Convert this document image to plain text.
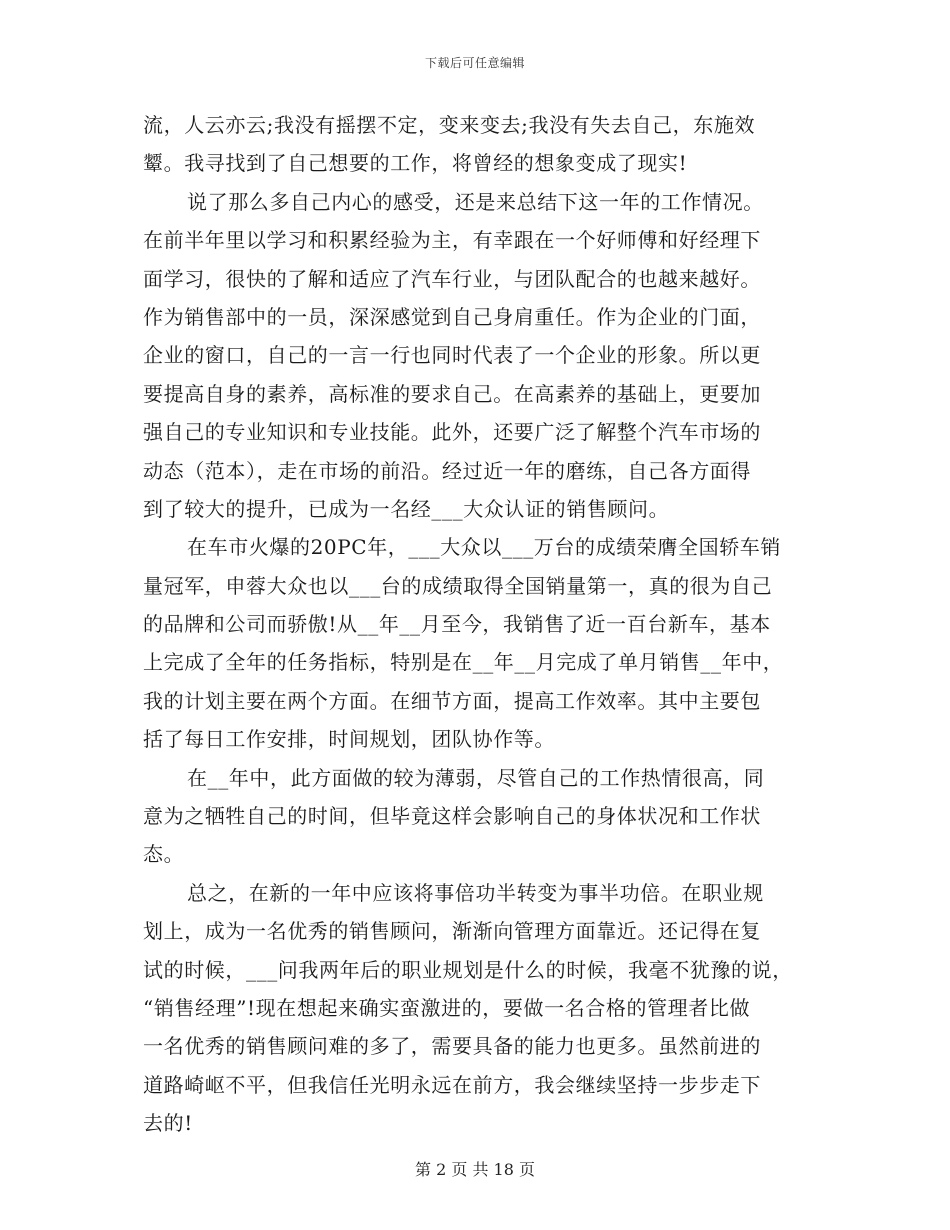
下载后可任意编辑
流，人云亦云;我没有摇摆不定，变来变去;我没有失去自己，东施效
颦。我寻找到了自己想要的工作，将曾经的想象变成了现实!
说了那么多自己内心的感受，还是来总结下这一年的工作情况。
在前半年里以学习和积累经验为主，有幸跟在一个好师傅和好经理下
面学习，很快的了解和适应了汽车行业，与团队配合的也越来越好。
作为销售部中的一员，深深感觉到自己身肩重任。作为企业的门面，
企业的窗口，自己的一言一行也同时代表了一个企业的形象。所以更
要提高自身的素养，高标准的要求自己。在高素养的基础上，更要加
强自己的专业知识和专业技能。此外，还要广泛了解整个汽车市场的
动态（范本），走在市场的前沿。经过近一年的磨练，自己各方面得
到了较大的提升，已成为一名经___大众认证的销售顾问。
在车市火爆的20PC年，___大众以___万台的成绩荣膺全国轿车销
量冠军，申蓉大众也以___台的成绩取得全国销量第一，真的很为自己
的品牌和公司而骄傲!从__年__月至今，我销售了近一百台新车，基本
上完成了全年的任务指标，特别是在__年__月完成了单月销售__年中，
我的计划主要在两个方面。在细节方面，提高工作效率。其中主要包
括了每日工作安排，时间规划，团队协作等。
在__年中，此方面做的较为薄弱，尽管自己的工作热情很高，同
意为之牺牲自己的时间，但毕竟这样会影响自己的身体状况和工作状
态。
总之，在新的一年中应该将事倍功半转变为事半功倍。在职业规
划上，成为一名优秀的销售顾问，渐渐向管理方面靠近。还记得在复
试的时候，___问我两年后的职业规划是什么的时候，我毫不犹豫的说，
“销售经理”!现在想起来确实蛮激进的，要做一名合格的管理者比做
一名优秀的销售顾问难的多了，需要具备的能力也更多。虽然前进的
道路崎岖不平，但我信任光明永远在前方，我会继续坚持一步步走下
去的!
第 2 页 共 18 页
